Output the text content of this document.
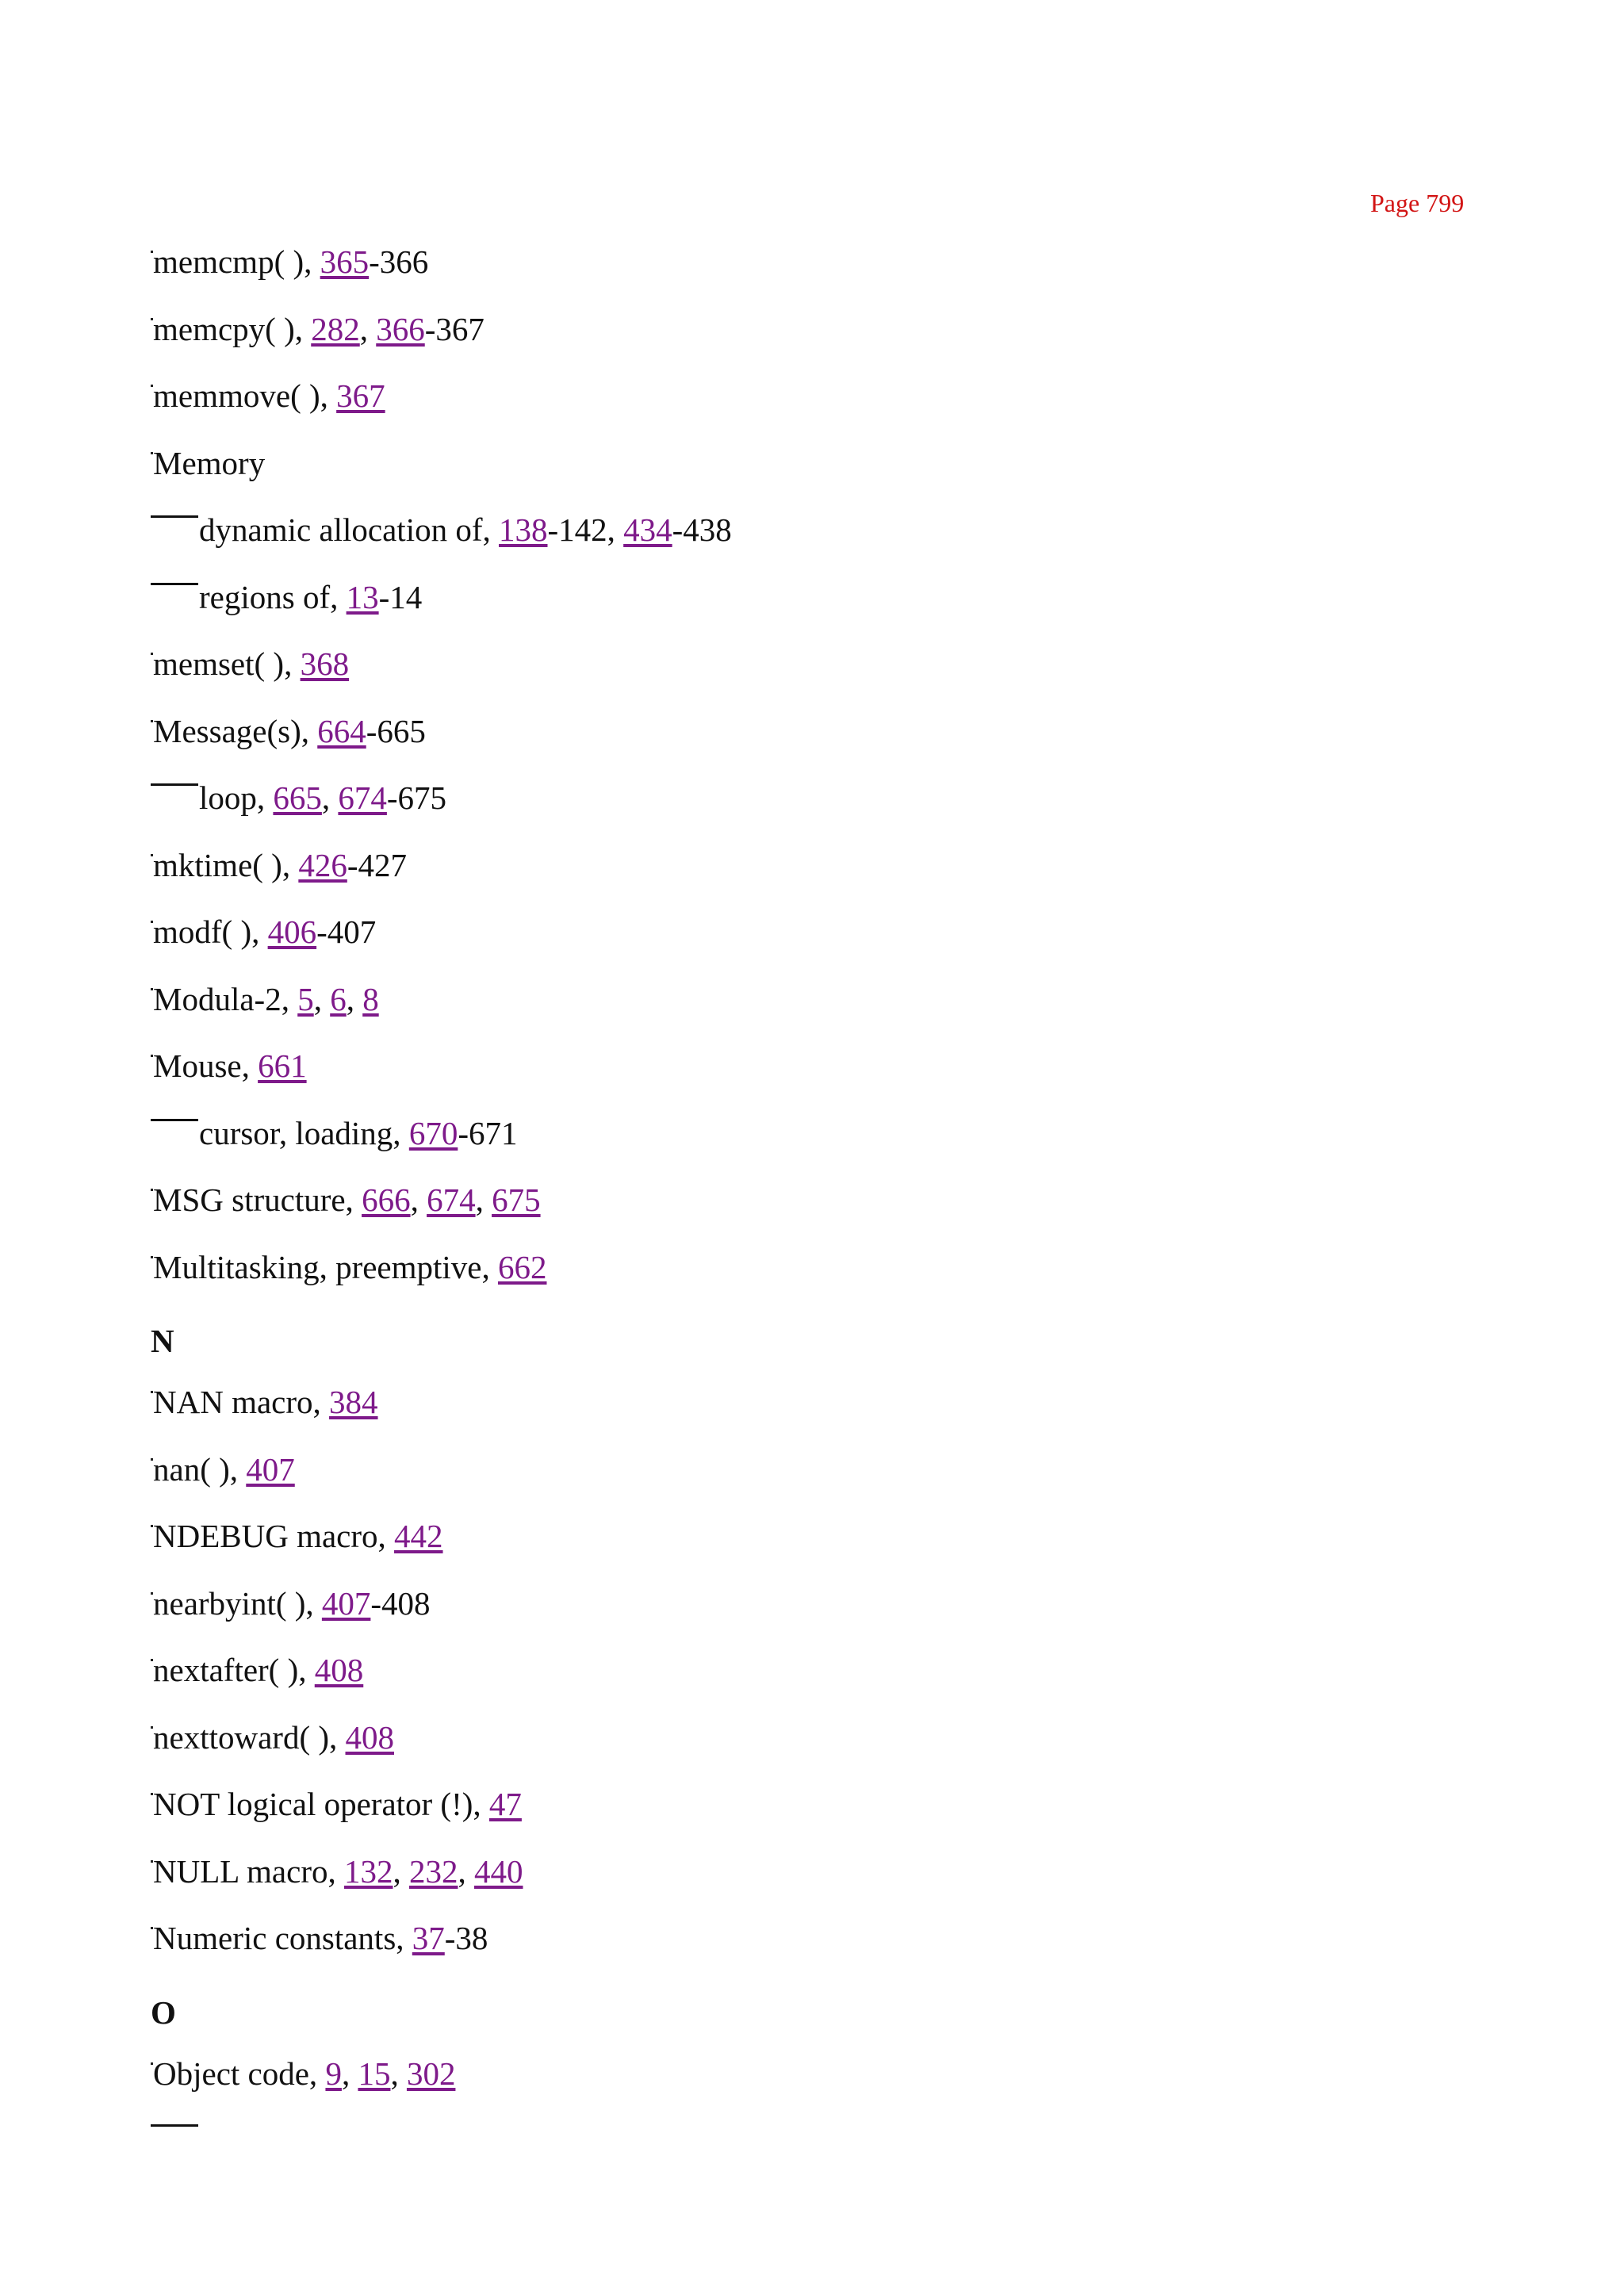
Page 799
memcmp( ), 365-366
memcpy( ), 282, 366-367
memmove( ), 367
Memory
dynamic allocation of, 138-142, 434-438
regions of, 13-14
memset( ), 368
Message(s), 664-665
loop, 665, 674-675
mktime( ), 426-427
modf( ), 406-407
Modula-2, 5, 6, 8
Mouse, 661
cursor, loading, 670-671
MSG structure, 666, 674, 675
Multitasking, preemptive, 662
N
NAN macro, 384
nan( ), 407
NDEBUG macro, 442
nearbyint( ), 407-408
nextafter( ), 408
nexttoward( ), 408
NOT logical operator (!), 47
NULL macro, 132, 232, 440
Numeric constants, 37-38
O
Object code, 9, 15, 302
